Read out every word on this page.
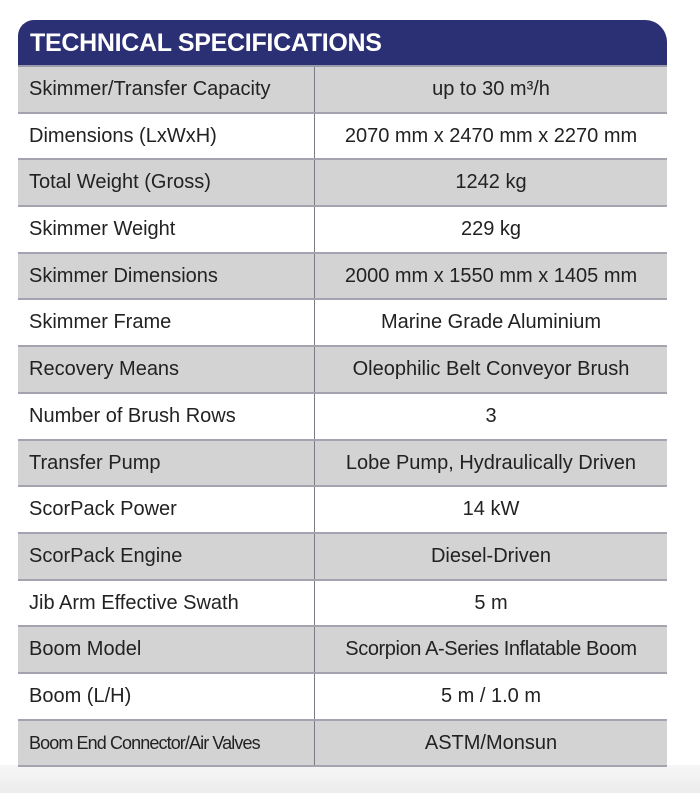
TECHNICAL SPECIFICATIONS
Skimmer/Transfer Capacity	up to 30 m³/h
Dimensions (LxWxH)	2070 mm x 2470 mm x 2270 mm
Total Weight (Gross)	1242 kg
Skimmer Weight	229 kg
Skimmer Dimensions	2000 mm x 1550 mm x 1405 mm
Skimmer Frame	Marine Grade Aluminium
Recovery Means	Oleophilic Belt Conveyor Brush
Number of Brush Rows	3
Transfer Pump	Lobe Pump, Hydraulically Driven
ScorPack Power	14 kW
ScorPack Engine	Diesel-Driven
Jib Arm Effective Swath	5 m
Boom Model	Scorpion A-Series Inflatable Boom
Boom (L/H)	5 m / 1.0 m
Boom End Connector/Air Valves	ASTM/Monsun
